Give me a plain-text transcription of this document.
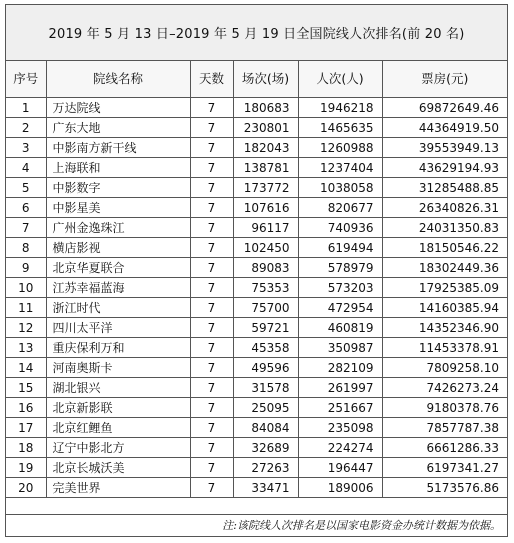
2019 年 5 月 13 日–2019 年 5 月 19 日全国院线人次排名(前 20 名)
序号	院线名称	天数	场次(场)	人次(人)	票房(元)
1	万达院线	7	180683	1946218	69872649.46
2	广东大地	7	230801	1465635	44364919.50
3	中影南方新干线	7	182043	1260988	39553949.13
4	上海联和	7	138781	1237404	43629194.93
5	中影数字	7	173772	1038058	31285488.85
6	中影星美	7	107616	820677	26340826.31
7	广州金逸珠江	7	96117	740936	24031350.83
8	横店影视	7	102450	619494	18150546.22
9	北京华夏联合	7	89083	578979	18302449.36
10	江苏幸福蓝海	7	75353	573203	17925385.09
11	浙江时代	7	75700	472954	14160385.94
12	四川太平洋	7	59721	460819	14352346.90
13	重庆保利万和	7	45358	350987	11453378.91
14	河南奥斯卡	7	49596	282109	7809258.10
15	湖北银兴	7	31578	261997	7426273.24
16	北京新影联	7	25095	251667	9180378.76
17	北京红鲤鱼	7	84084	235098	7857787.38
18	辽宁中影北方	7	32689	224274	6661286.33
19	北京长城沃美	7	27263	196447	6197341.27
20	完美世界	7	33471	189006	5173576.86
注:该院线人次排名是以国家电影资金办统计数据为依据。
